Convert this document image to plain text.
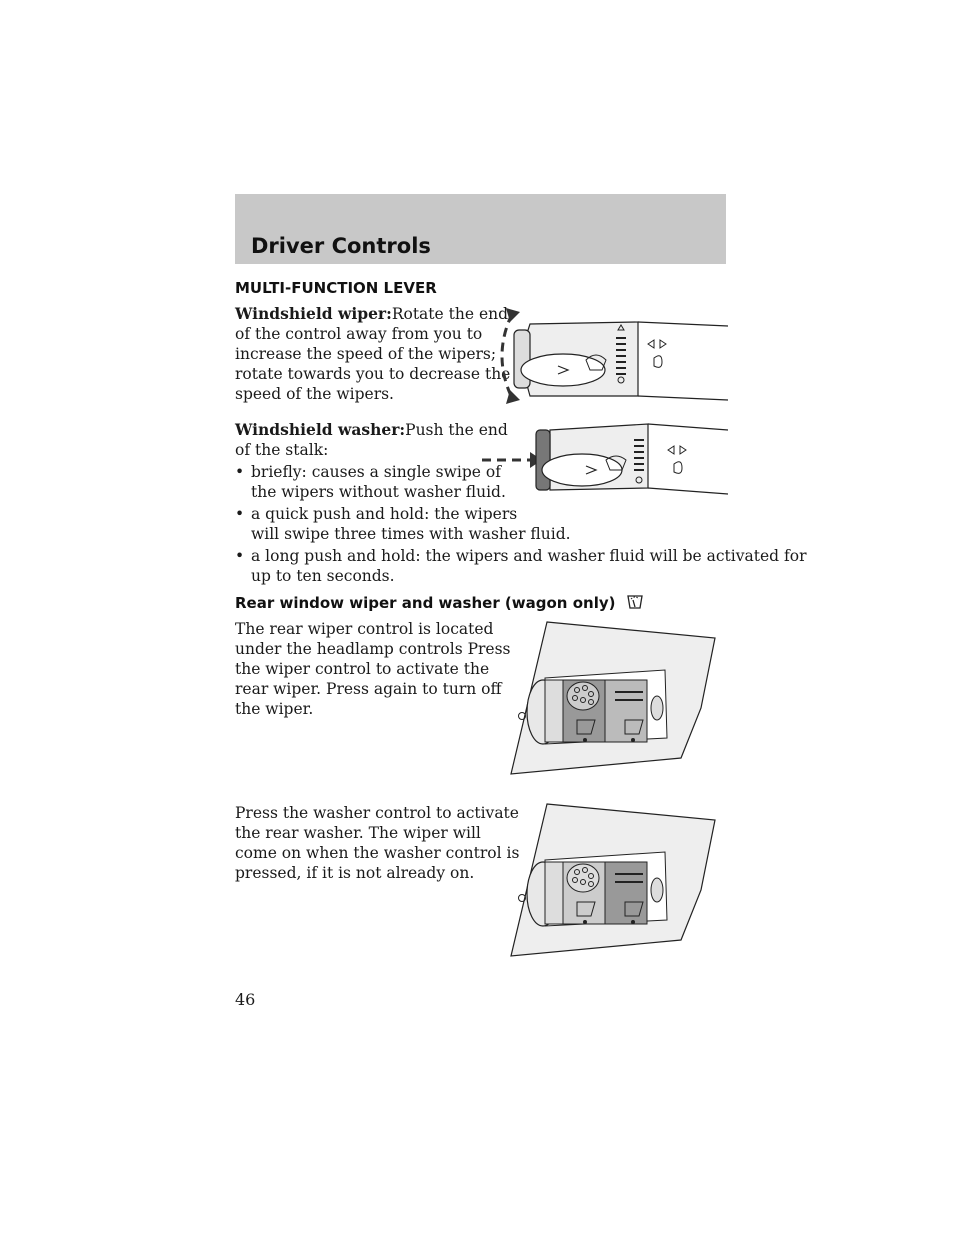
Driver Controls
MULTI-FUNCTION LEVER
Windshield wiper:Rotate the end
of the control away from you to
increase the speed of the wipers;
rotate towards you to decrease the
speed of the wipers.
Windshield washer:Push the end
of the stalk:
• briefly: causes a single swipe of
the wipers without washer fluid.
• a quick push and hold: the wipers
will swipe three times with washer fluid.
• a long push and hold: the wipers and washer fluid will be activated for
up to ten seconds.
Rear window wiper and washer (wagon only)
The rear wiper control is located
under the headlamp controls Press
the wiper control to activate the
rear wiper. Press again to turn off
the wiper.
Press the washer control to activate
the rear washer. The wiper will
come on when the washer control is
pressed, if it is not already on.
46
